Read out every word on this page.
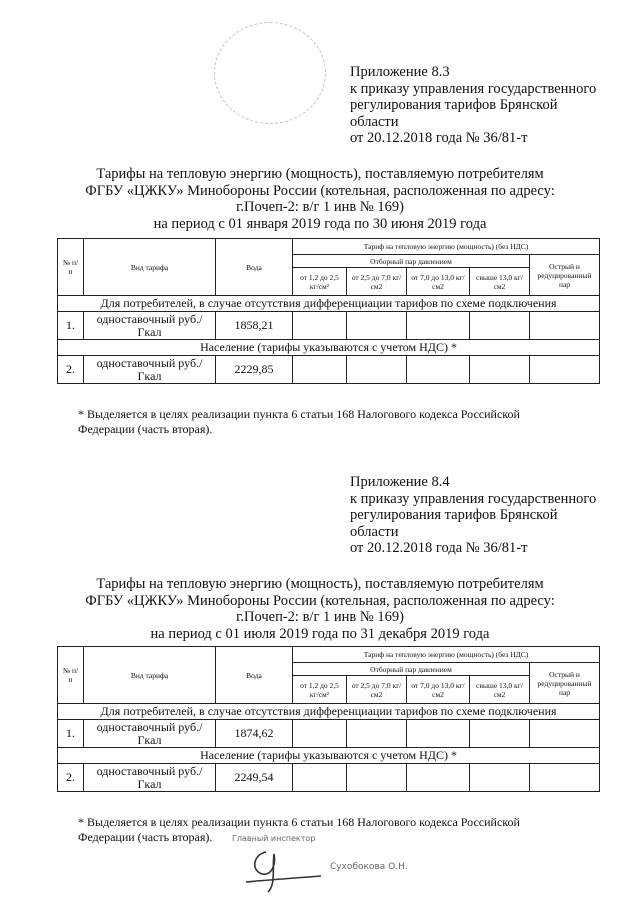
Приложение 8.3
к приказу управления государственного
регулирования тарифов Брянской
области
от 20.12.2018 года № 36/81-т
Тарифы на тепловую энергию (мощность), поставляемую потребителям
ФГБУ «ЦЖКУ» Минобороны России (котельная, расположенная по адресу:
г.Почеп-2: в/г 1 инв № 169)
на период с 01 января 2019 года по 30 июня 2019 года
№ п/ п	Вид тарифа	Вода	Тариф на тепловую энергию (мощность) (без НДС)				
			Отборный пар давлением				Острый и редуцированный пар
			от 1,2 до 2,5 кг/см²	от 2,5 до 7,0 кг/см2	от 7,0 до 13,0 кг/см2	свыше 13,0 кг/см2	
Для потребителей, в случае отсутствия дифференциации тарифов по схеме подключения							
1.	одноставочный руб./Гкал	1858,21					
Население (тарифы указываются с учетом НДС) *							
2.	одноставочный руб./Гкал	2229,85					
* Выделяется в целях реализации пункта 6 статьи 168 Налогового кодекса Российской
Федерации (часть вторая).
Приложение 8.4
к приказу управления государственного
регулирования тарифов Брянской
области
от 20.12.2018 года № 36/81-т
Тарифы на тепловую энергию (мощность), поставляемую потребителям
ФГБУ «ЦЖКУ» Минобороны России (котельная, расположенная по адресу:
г.Почеп-2: в/г 1 инв № 169)
на период с 01 июля 2019 года по 31 декабря 2019 года
№ п/ п	Вид тарифа	Вода	Тариф на тепловую энергию (мощность) (без НДС)				
			Отборный пар давлением				Острый и редуцированный пар
			от 1,2 до 2,5 кг/см²	от 2,5 до 7,0 кг/см2	от 7,0 до 13,0 кг/см2	свыше 13,0 кг/см2	
Для потребителей, в случае отсутствия дифференциации тарифов по схеме подключения							
1.	одноставочный руб./Гкал	1874,62					
Население (тарифы указываются с учетом НДС) *							
2.	одноставочный руб./Гкал	2249,54					
* Выделяется в целях реализации пункта 6 статьи 168 Налогового кодекса Российской
Федерации (часть вторая).	Главный инспектор
Сухобокова О.Н.
